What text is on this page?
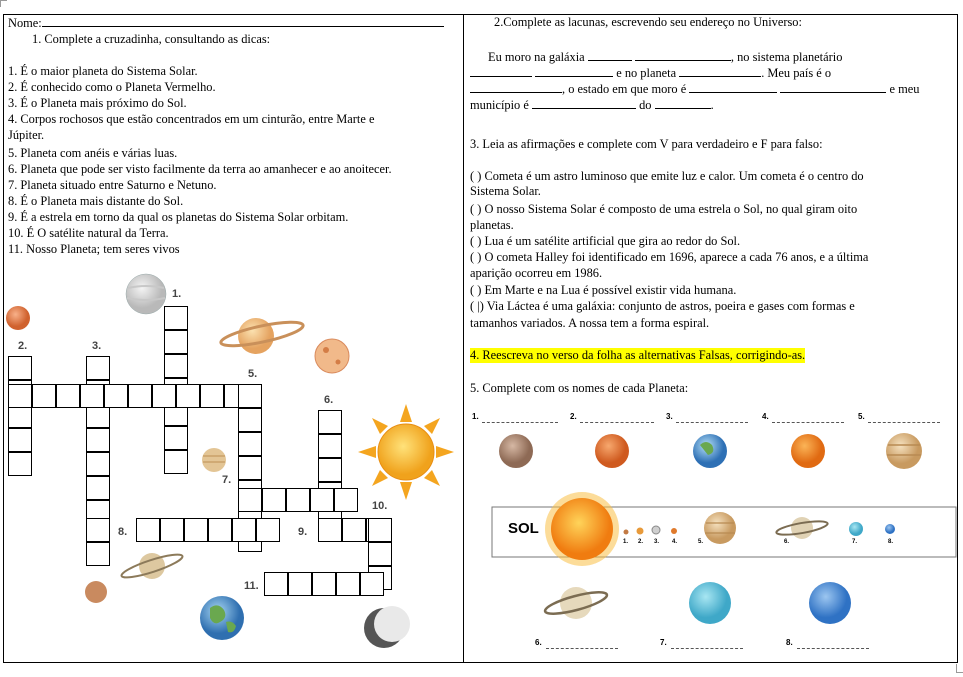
Nome:
1. Complete a cruzadinha, consultando as dicas:
1. É o maior planeta do Sistema Solar.
2. É conhecido como o Planeta Vermelho.
3. É o Planeta mais próximo do Sol.
4. Corpos rochosos que estão concentrados em um cinturão, entre Marte e
Júpiter.
5. Planeta com anéis e várias luas.
6. Planeta que pode ser visto facilmente da terra ao amanhecer e ao anoitecer.
7. Planeta situado entre Saturno e Netuno.
8. É o Planeta mais distante do Sol.
9. É a estrela em torno da qual os planetas do Sistema Solar orbitam.
10. É O satélite natural da Terra.
11. Nosso Planeta; tem seres vivos
1.
2.	3.
5.
6.
7.
8.	9.
10.
11.
2.Complete as lacunas, escrevendo seu endereço no Universo:
Eu moro na galáxia	, no sistema planetário
e no planeta	. Meu país é o
, o estado em que moro é	e meu
município é	do	.
3. Leia as afirmações e complete com V para verdadeiro e F para falso:
( ) Cometa é um astro luminoso que emite luz e calor. Um cometa é o centro do
Sistema Solar.
( ) O nosso Sistema Solar é composto de uma estrela o Sol, no qual giram oito
planetas.
( ) Lua é um satélite artificial que gira ao redor do Sol.
( ) O cometa Halley foi identificado em 1696, aparece a cada 76 anos, e a última
aparição ocorreu em 1986.
( ) Em Marte e na Lua é possível existir vida humana.
( |) Via Láctea é uma galáxia: conjunto de astros, poeira e gases com formas e
tamanhos variados. A nossa tem a forma espiral.
4. Reescreva no verso da folha as alternativas Falsas, corrigindo-as.
5. Complete com os nomes de cada Planeta:
1.	2.	3.	4.	5.
SOL
1. 2. 3. 4.	5.	6.	7.	8.
6.	7.	8.
